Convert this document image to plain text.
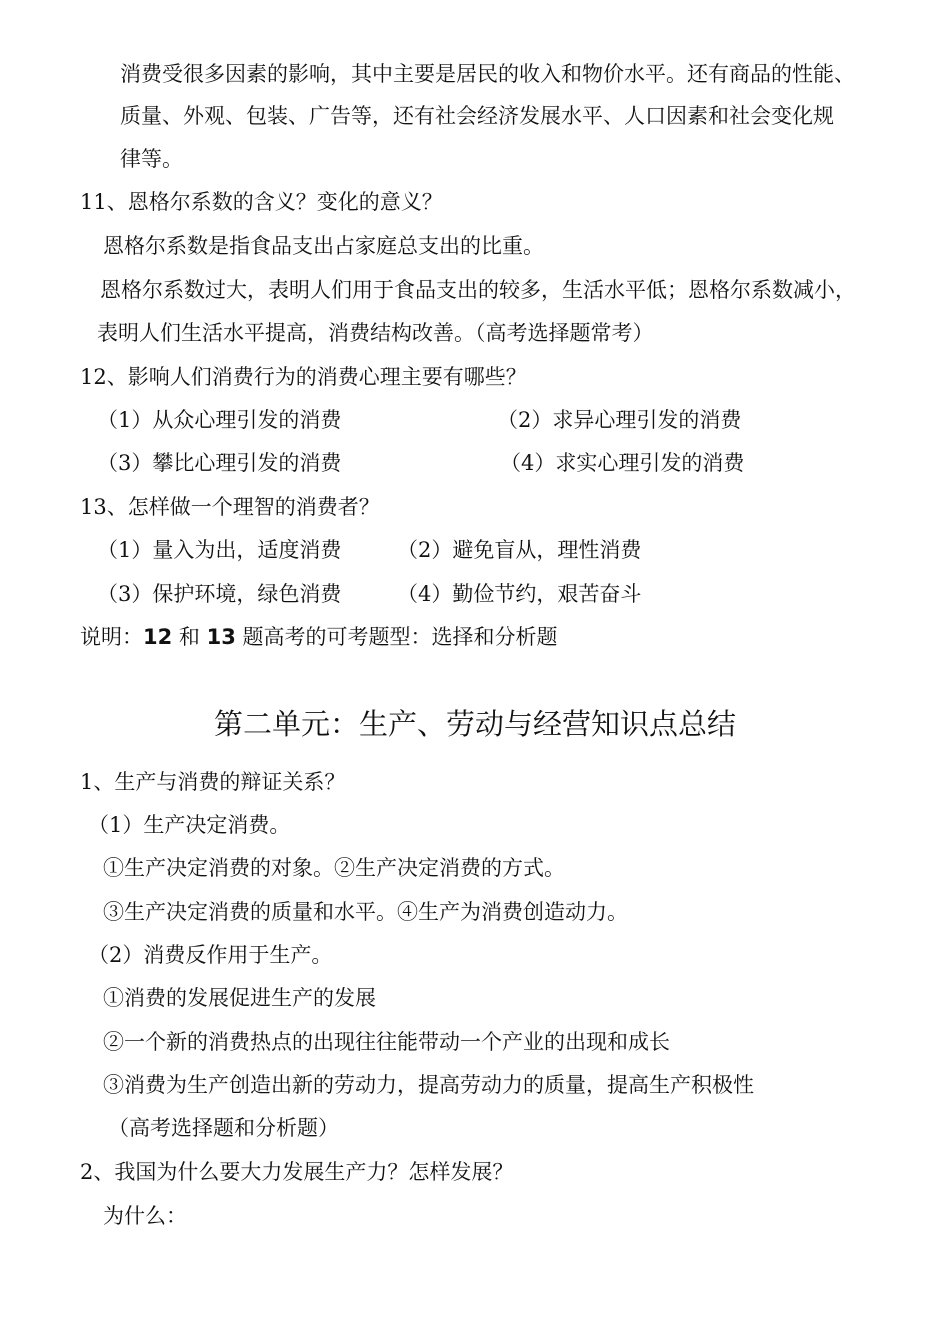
消费受很多因素的影响，其中主要是居民的收入和物价水平。还有商品的性能、
质量、外观、包装、广告等，还有社会经济发展水平、人口因素和社会变化规
律等。
11、恩格尔系数的含义？变化的意义？
恩格尔系数是指食品支出占家庭总支出的比重。
恩格尔系数过大，表明人们用于食品支出的较多，生活水平低；恩格尔系数减小，
表明人们生活水平提高，消费结构改善。（高考选择题常考）
12、影响人们消费行为的消费心理主要有哪些？
（1）从众心理引发的消费	（2）求异心理引发的消费
（3）攀比心理引发的消费	（4）求实心理引发的消费
13、怎样做一个理智的消费者？
（1）量入为出，适度消费	（2）避免盲从，理性消费
（3）保护环境，绿色消费	（4）勤俭节约，艰苦奋斗
说明：12 和 13 题高考的可考题型：选择和分析题
第二单元：生产、劳动与经营知识点总结
1、生产与消费的辩证关系？
（1）生产决定消费。
①生产决定消费的对象。②生产决定消费的方式。
③生产决定消费的质量和水平。④生产为消费创造动力。
（2）消费反作用于生产。
①消费的发展促进生产的发展
②一个新的消费热点的出现往往能带动一个产业的出现和成长
③消费为生产创造出新的劳动力，提高劳动力的质量，提高生产积极性
（高考选择题和分析题）
2、我国为什么要大力发展生产力？怎样发展？
为什么：
